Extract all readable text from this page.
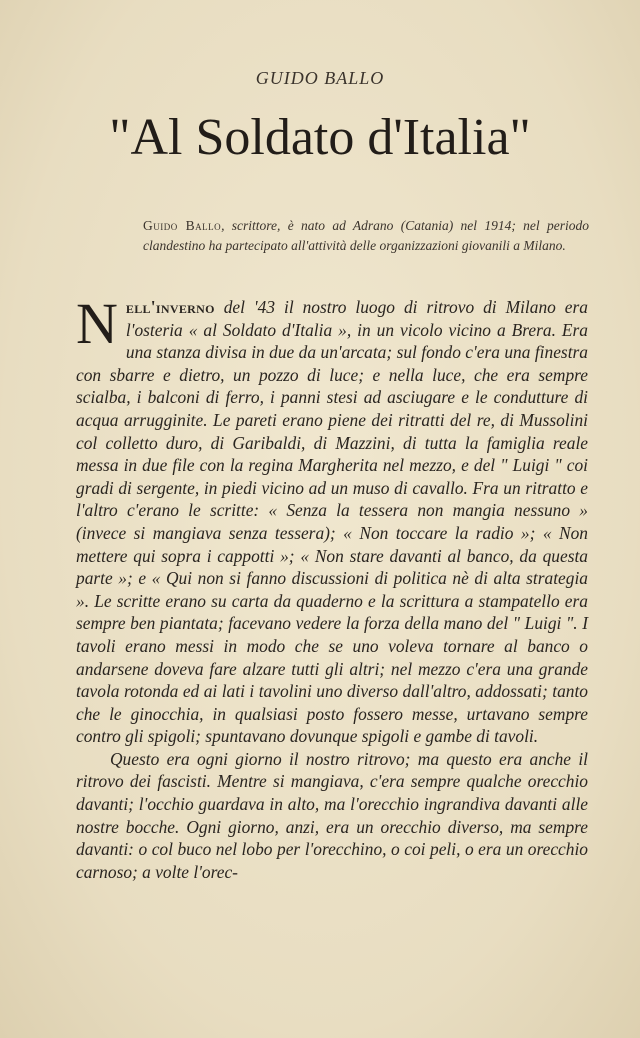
GUIDO BALLO
"Al Soldato d'Italia"
Guido Ballo, scrittore, è nato ad Adrano (Catania) nel 1914; nel periodo clandestino ha partecipato all'attività delle organizzazioni giovanili a Milano.

Nell'inverno del '43 il nostro luogo di ritrovo di Milano era l'osteria « al Soldato d'Italia », in un vicolo vicino a Brera. Era una stanza divisa in due da un'arcata; sul fondo c'era una finestra con sbarre e dietro, un pozzo di luce; e nella luce, che era sempre scialba, i balconi di ferro, i panni stesi ad asciugare e le condutture di acqua arrugginite. Le pareti erano piene dei ritratti del re, di Mussolini col colletto duro, di Garibaldi, di Mazzini, di tutta la famiglia reale messa in due file con la regina Margherita nel mezzo, e del " Luigi " coi gradi di sergente, in piedi vicino ad un muso di cavallo. Fra un ritratto e l'altro c'erano le scritte: « Senza la tessera non mangia nessuno » (invece si mangiava senza tessera); « Non toccare la radio »; « Non mettere qui sopra i cappotti »; « Non stare davanti al banco, da questa parte »; e « Qui non si fanno discussioni di politica nè di alta strategia ». Le scritte erano su carta da quaderno e la scrittura a stampatello era sempre ben piantata; facevano vedere la forza della mano del " Luigi ". I tavoli erano messi in modo che se uno voleva tornare al banco o andarsene doveva fare alzare tutti gli altri; nel mezzo c'era una grande tavola rotonda ed ai lati i tavolini uno diverso dall'altro, addossati; tanto che le ginocchia, in qualsiasi posto fossero messe, urtavano sempre contro gli spigoli; spuntavano dovunque spigoli e gambe di tavoli.

Questo era ogni giorno il nostro ritrovo; ma questo era anche il ritrovo dei fascisti. Mentre si mangiava, c'era sempre qualche orecchio davanti; l'occhio guardava in alto, ma l'orecchio ingrandiva davanti alle nostre bocche. Ogni giorno, anzi, era un orecchio diverso, ma sempre davanti: o col buco nel lobo per l'orecchino, o coi peli, o era un orecchio carnoso; a volte l'orec-
